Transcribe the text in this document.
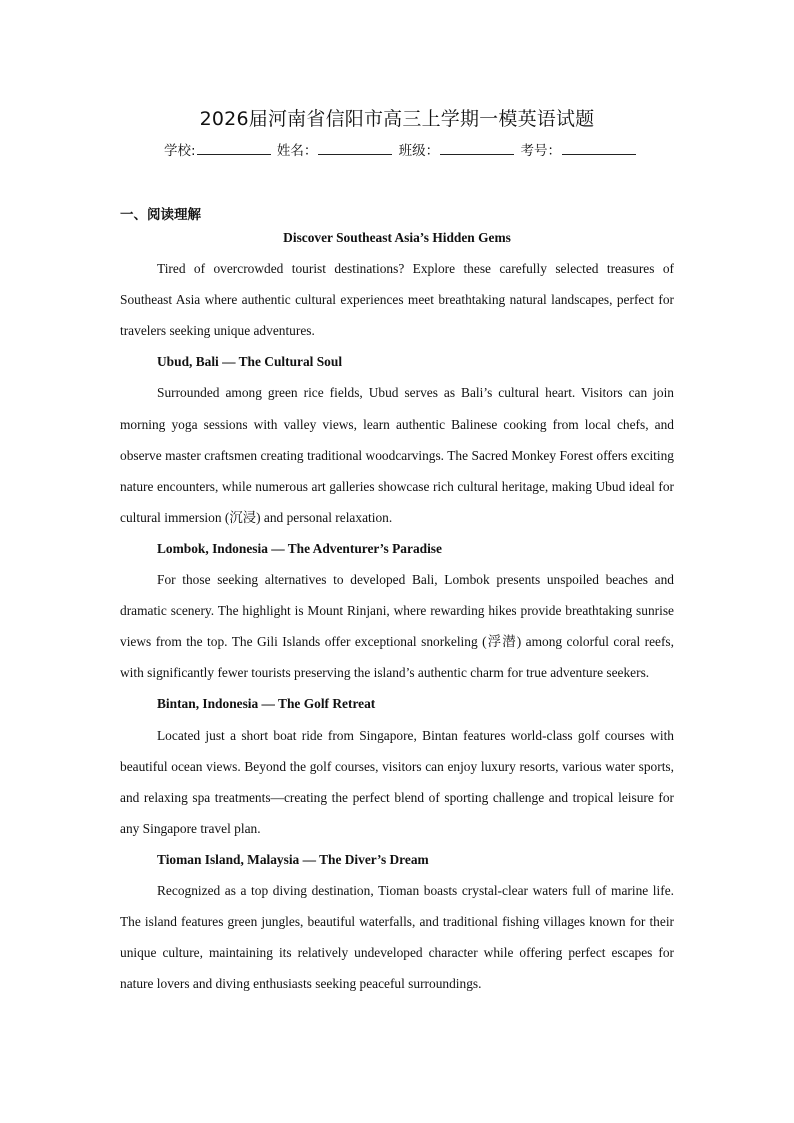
2026届河南省信阳市高三上学期一模英语试题
学校:	姓名：	班级：	考号：
一、阅读理解

Discover Southeast Asia’s Hidden Gems

Tired of overcrowded tourist destinations? Explore these carefully selected treasures of Southeast Asia where authentic cultural experiences meet breathtaking natural landscapes, perfect for travelers seeking unique adventures.

Ubud, Bali — The Cultural Soul

Surrounded among green rice fields, Ubud serves as Bali’s cultural heart. Visitors can join morning yoga sessions with valley views, learn authentic Balinese cooking from local chefs, and observe master craftsmen creating traditional woodcarvings. The Sacred Monkey Forest offers exciting nature encounters, while numerous art galleries showcase rich cultural heritage, making Ubud ideal for cultural immersion (沉浸) and personal relaxation.

Lombok, Indonesia — The Adventurer’s Paradise

For those seeking alternatives to developed Bali, Lombok presents unspoiled beaches and dramatic scenery. The highlight is Mount Rinjani, where rewarding hikes provide breathtaking sunrise views from the top. The Gili Islands offer exceptional snorkeling (浮潜) among colorful coral reefs, with significantly fewer tourists preserving the island’s authentic charm for true adventure seekers.

Bintan, Indonesia — The Golf Retreat

Located just a short boat ride from Singapore, Bintan features world-class golf courses with beautiful ocean views. Beyond the golf courses, visitors can enjoy luxury resorts, various water sports, and relaxing spa treatments—creating the perfect blend of sporting challenge and tropical leisure for any Singapore travel plan.

Tioman Island, Malaysia — The Diver’s Dream

Recognized as a top diving destination, Tioman boasts crystal-clear waters full of marine life. The island features green jungles, beautiful waterfalls, and traditional fishing villages known for their unique culture, maintaining its relatively undeveloped character while offering perfect escapes for nature lovers and diving enthusiasts seeking peaceful surroundings.
